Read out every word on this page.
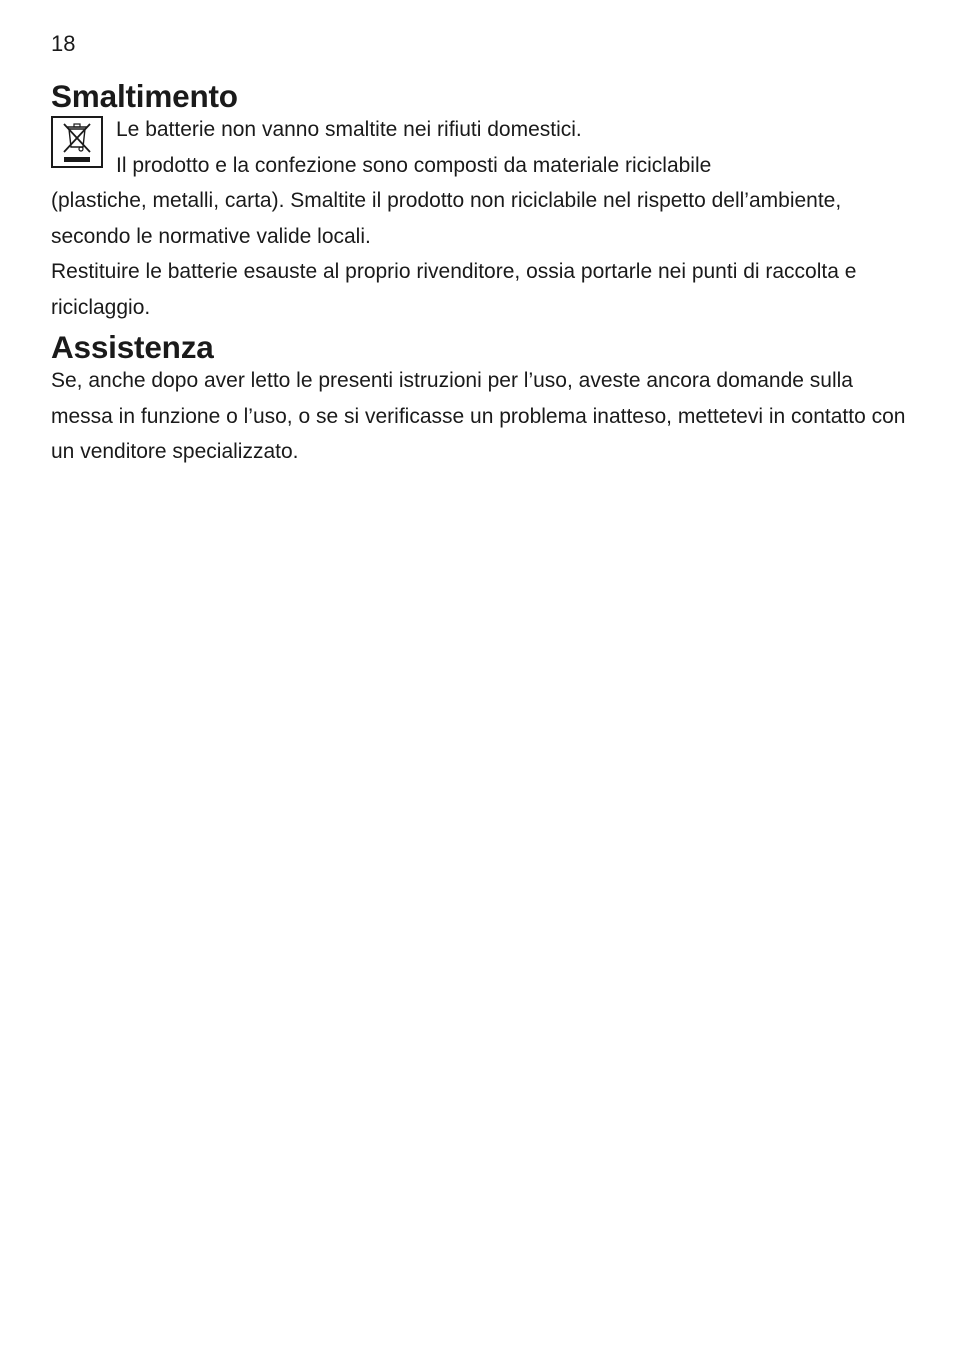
18
Smaltimento

Le batterie non vanno smaltite nei rifiuti domestici.

Il prodotto e la confezione sono composti da materiale riciclabile

(plastiche, metalli, carta). Smaltite il prodotto non riciclabile nel rispetto dell’ambiente, secondo le normative valide locali.

Restituire le batterie esauste al proprio rivenditore, ossia portarle nei punti di raccolta e riciclaggio.

Assistenza

Se, anche dopo aver letto le presenti istruzioni per l’uso, aveste ancora domande sulla messa in funzione o l’uso, o se si verificasse un problema inatteso, mettetevi in contatto con un venditore specializzato.
